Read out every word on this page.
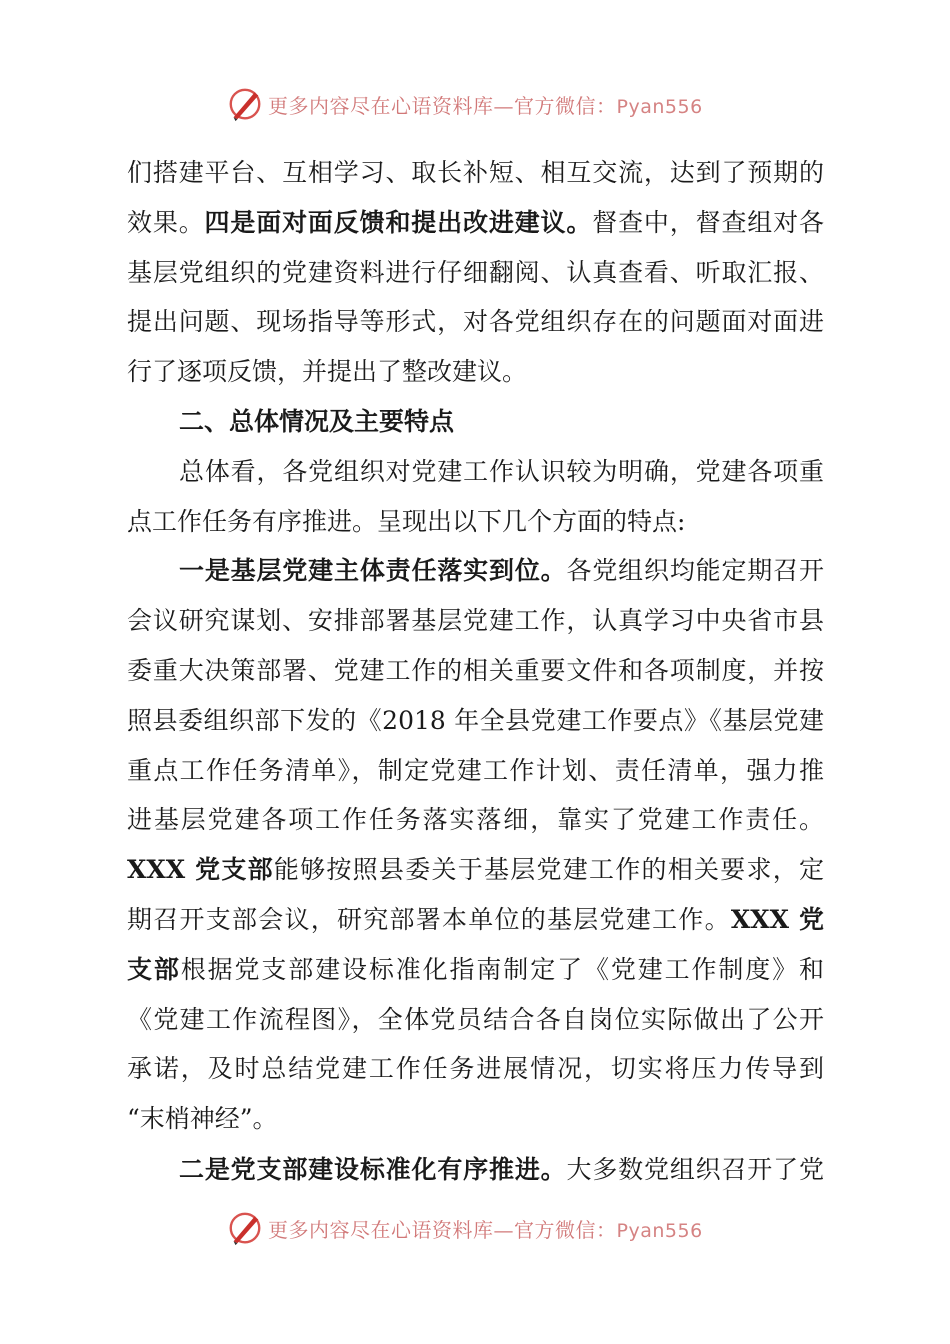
更多内容尽在心语资料库—官方微信：Pyan556
们搭建平台、互相学习、取长补短、相互交流，达到了预期的
效果。四是面对面反馈和提出改进建议。督查中，督查组对各
基层党组织的党建资料进行仔细翻阅、认真查看、听取汇报、
提出问题、现场指导等形式，对各党组织存在的问题面对面进
行了逐项反馈，并提出了整改建议。
二、总体情况及主要特点
总体看，各党组织对党建工作认识较为明确，党建各项重
点工作任务有序推进。呈现出以下几个方面的特点:
一是基层党建主体责任落实到位。各党组织均能定期召开
会议研究谋划、安排部署基层党建工作，认真学习中央省市县
委重大决策部署、党建工作的相关重要文件和各项制度，并按
照县委组织部下发的《2018 年全县党建工作要点》《基层党建
重点工作任务清单》，制定党建工作计划、责任清单，强力推
进基层党建各项工作任务落实落细，靠实了党建工作责任。
XXX 党支部能够按照县委关于基层党建工作的相关要求，定
期召开支部会议，研究部署本单位的基层党建工作。XXX 党
支部根据党支部建设标准化指南制定了《党建工作制度》和
《党建工作流程图》，全体党员结合各自岗位实际做出了公开
承诺，及时总结党建工作任务进展情况，切实将压力传导到
“末梢神经”。
二是党支部建设标准化有序推进。大多数党组织召开了党
更多内容尽在心语资料库—官方微信：Pyan556
